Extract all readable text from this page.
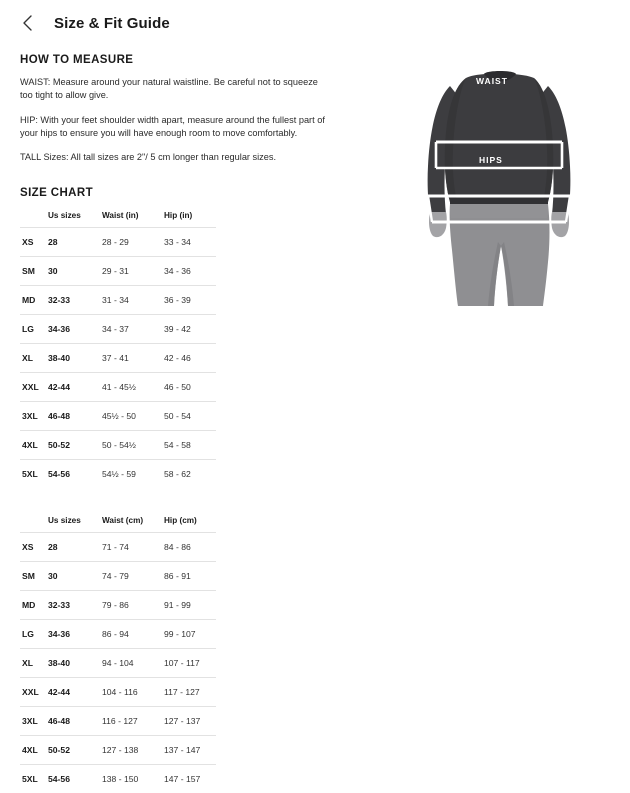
Size & Fit Guide
HOW TO MEASURE

WAIST: Measure around your natural waistline. Be careful not to squeeze too tight to allow give.

HIP: With your feet shoulder width apart, measure around the fullest part of your hips to ensure you will have enough room to move comfortably.

TALL Sizes: All tall sizes are 2"/ 5 cm longer than regular sizes.

SIZE CHART
	Us sizes	Waist (in)	Hip (in)
XS	28	28 - 29	33 - 34
SM	30	29 - 31	34 - 36
MD	32-33	31 - 34	36 - 39
LG	34-36	34 - 37	39 - 42
XL	38-40	37 - 41	42 - 46
XXL	42-44	41 - 45½	46 - 50
3XL	46-48	45½ - 50	50 - 54
4XL	50-52	50 - 54½	54 - 58
5XL	54-56	54½ - 59	58 - 62
	Us sizes	Waist (cm)	Hip (cm)
XS	28	71 - 74	84 - 86
SM	30	74 - 79	86 - 91
MD	32-33	79 - 86	91 - 99
LG	34-36	86 - 94	99 - 107
XL	38-40	94 - 104	107 - 117
XXL	42-44	104 - 116	117 - 127
3XL	46-48	116 - 127	127 - 137
4XL	50-52	127 - 138	137 - 147
5XL	54-56	138 - 150	147 - 157
WAIST
HIPS
